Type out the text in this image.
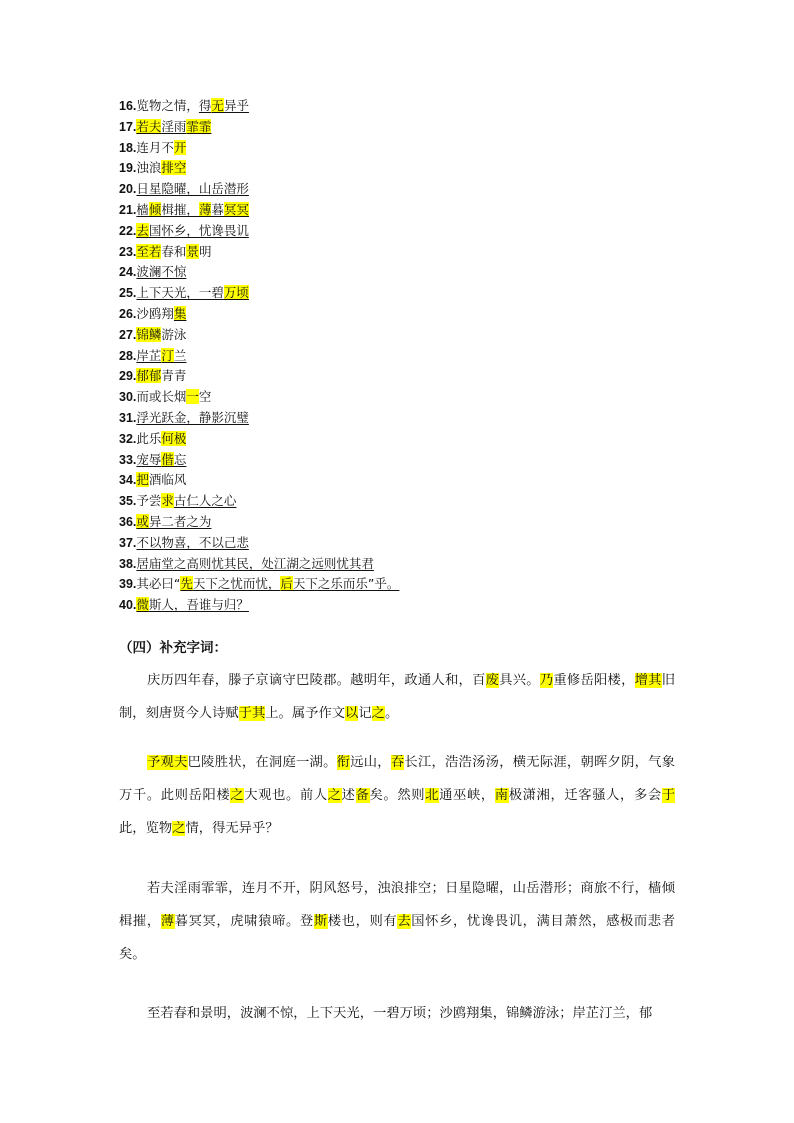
16.览物之情，得无异乎
17.若夫淫雨霏霏
18.连月不开
19.浊浪排空
20.日星隐曜，山岳潜形
21.樯倾楫摧，薄暮冥冥
22.去国怀乡，忧谗畏讥
23.至若春和景明
24.波澜不惊
25.上下天光，一碧万顷
26.沙鸥翔集
27.锦鳞游泳
28.岸芷汀兰
29.郁郁青青
30.而或长烟一空
31.浮光跃金，静影沉璧
32.此乐何极
33.宠辱偕忘
34.把酒临风
35.予尝求古仁人之心
36.或异二者之为
37.不以物喜，不以己悲
38.居庙堂之高则忧其民，处江湖之远则忧其君
39.其必曰“先天下之忧而忧，后天下之乐而乐”乎。
40.微斯人，吾谁与归？
（四）补充字词：
庆历四年春，滕子京谪守巴陵郡。越明年，政通人和，百废具兴。乃重修岳阳楼，增其旧制，刻唐贤今人诗赋于其上。属予作文以记之。
予观夫巴陵胜状，在洞庭一湖。衔远山，吞长江，浩浩汤汤，横无际涯，朝晖夕阴，气象万千。此则岳阳楼之大观也。前人之述备矣。然则北通巫峡，南极潇湘，迁客骚人，多会于此，览物之情，得无异乎？
若夫淫雨霏霏，连月不开，阴风怒号，浊浪排空；日星隐曜，山岳潜形；商旅不行，樯倾楫摧，薄暮冥冥，虎啸猿啼。登斯楼也，则有去国怀乡，忧谗畏讥，满目萧然，感极而悲者矣。
至若春和景明，波澜不惊，上下天光，一碧万顷；沙鸥翔集，锦鳞游泳；岸芷汀兰，郁
